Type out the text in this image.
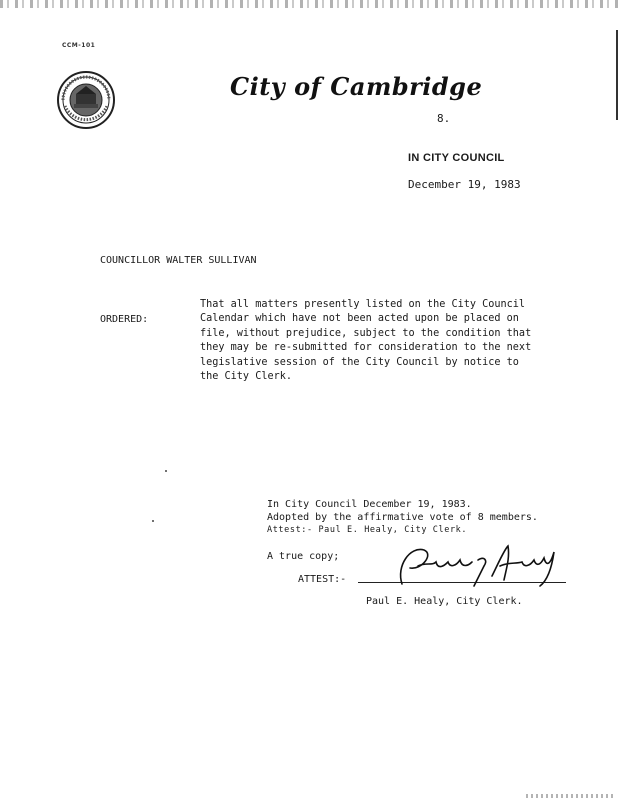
CCM-101
City of Cambridge
8.
IN CITY COUNCIL
December 19, 1983
COUNCILLOR WALTER SULLIVAN
ORDERED:
That all matters presently listed on the City Council
Calendar which have not been acted upon be placed on
file, without prejudice, subject to the condition that
they may be re-submitted for consideration to the next
legislative session of the City Council by notice to
the City Clerk.
In City Council December 19, 1983.
Adopted by the affirmative vote of 8 members.
Attest:- Paul E. Healy, City Clerk.
A true copy;
ATTEST:-
Paul E. Healy, City Clerk.
